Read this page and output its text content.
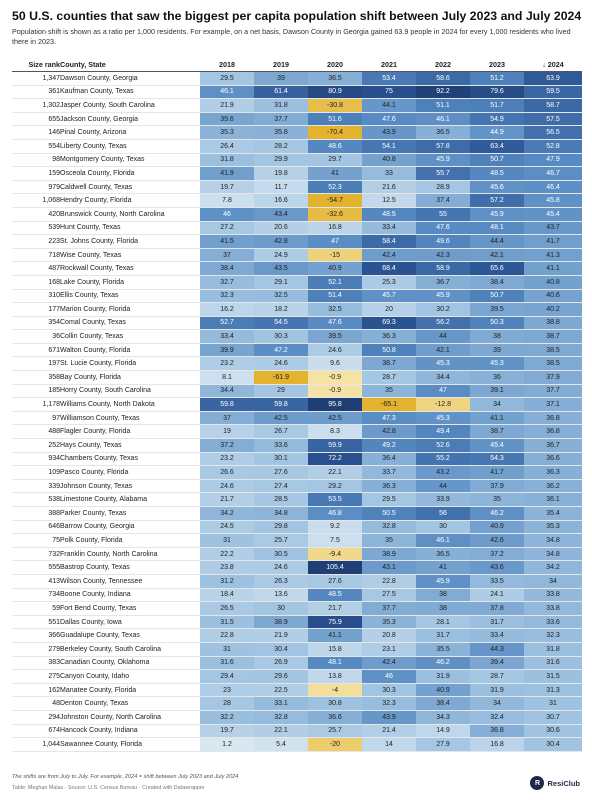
50 U.S. counties that saw the biggest per capita population shift between July 2023 and July 2024
Population shift is shown as a ratio per 1,000 residents. For example, on a net basis, Dawson County in Georgia gained 63.9 people in 2024 for every 1,000 residents who lived there in 2023.
Size rank	County, State	2018	2019	2020	2021	2022	2023	↓ 2024
1,347	Dawson County, Georgia	29.5	39	36.5	53.4	58.6	51.2	63.9
361	Kaufman County, Texas	46.1	61.4	80.9	75	92.2	79.6	59.5
1,302	Jasper County, South Carolina	21.9	31.8	-30.8	44.1	51.1	51.7	58.7
655	Jackson County, Georgia	39.6	37.7	51.6	47.6	46.1	54.9	57.5
146	Pinal County, Arizona	35.3	35.8	-70.4	43.9	36.5	44.9	56.5
554	Liberty County, Texas	26.4	28.2	48.6	54.1	57.8	63.4	52.8
98	Montgomery County, Texas	31.8	29.9	29.7	40.8	45.9	50.7	47.9
159	Osceola County, Florida	41.9	19.8	41	33	55.7	48.5	46.7
979	Caldwell County, Texas	19.7	11.7	52.3	21.6	28.9	45.6	46.4
1,068	Hendry County, Florida	7.8	16.6	-54.7	12.5	37.4	57.2	45.8
420	Brunswick County, North Carolina	46	43.4	-32.6	48.5	55	45.9	45.4
539	Hunt County, Texas	27.2	20.6	16.8	33.4	47.6	48.1	43.7
223	St. Johns County, Florida	41.5	42.8	47	58.4	49.6	44.4	41.7
718	Wise County, Texas	37	24.9	-15	42.4	42.3	42.1	41.3
487	Rockwall County, Texas	38.4	43.5	40.9	68.4	58.9	65.6	41.1
168	Lake County, Florida	32.7	29.1	52.1	25.3	36.7	38.4	40.8
310	Ellis County, Texas	32.3	32.5	51.4	45.7	45.9	50.7	40.6
177	Marion County, Florida	16.2	18.2	32.5	20	30.2	39.5	40.2
354	Comal County, Texas	52.7	54.5	47.6	69.3	56.2	50.3	38.8
36	Collin County, Texas	33.4	30.3	39.5	36.3	44	38	38.7
671	Walton County, Florida	39.9	47.2	24.6	50.8	42.1	39	38.5
197	St. Lucie County, Florida	23.2	24.6	9.6	38.7	45.3	45.3	38.5
358	Bay County, Florida	8.1	-61.9	-0.9	28.7	34.4	36	37.9
185	Horry County, South Carolina	34.4	29	-0.9	35	47	39.1	37.7
1,178	Williams County, North Dakota	59.8	59.8	95.8	-65.1	-12.8	34	37.1
97	Williamson County, Texas	37	42.5	42.5	47.3	45.3	41.1	36.8
488	Flagler County, Florida	19	26.7	8.3	42.8	49.4	38.7	36.8
252	Hays County, Texas	37.2	33.6	59.9	49.2	52.6	45.4	36.7
934	Chambers County, Texas	23.2	30.1	72.2	36.4	55.2	54.3	36.6
109	Pasco County, Florida	26.6	27.6	22.1	33.7	43.2	41.7	36.3
339	Johnson County, Texas	24.6	27.4	29.2	36.3	44	37.9	36.2
538	Limestone County, Alabama	21.7	28.5	53.5	29.5	33.9	35	36.1
388	Parker County, Texas	34.2	34.8	46.8	50.5	56	46.2	35.4
646	Barrow County, Georgia	24.5	29.8	9.2	32.8	30	40.9	35.3
75	Polk County, Florida	31	25.7	7.5	35	46.1	42.6	34.8
732	Franklin County, North Carolina	22.2	30.5	-9.4	38.9	36.5	37.2	34.8
555	Bastrop County, Texas	23.8	24.6	105.4	43.1	41	43.6	34.2
413	Wilson County, Tennessee	31.2	26.3	27.6	22.8	45.9	33.5	34
734	Boone County, Indiana	18.4	13.6	48.5	27.5	38	24.1	33.8
59	Fort Bend County, Texas	26.5	30	21.7	37.7	38	37.8	33.8
551	Dallas County, Iowa	31.5	38.9	75.9	35.3	28.1	31.7	33.6
366	Guadalupe County, Texas	22.8	21.9	41.1	20.8	31.7	33.4	32.3
279	Berkeley County, South Carolina	31	30.4	15.8	23.1	35.5	44.3	31.8
383	Canadian County, Oklahoma	31.6	26.9	48.1	42.4	46.2	39.4	31.6
275	Canyon County, Idaho	29.4	29.6	13.8	46	31.9	28.7	31.5
162	Manatee County, Florida	23	22.5	-4	30.3	40.9	31.9	31.3
48	Denton County, Texas	28	33.1	30.8	32.3	38.4	34	31
294	Johnston County, North Carolina	32.2	32.8	36.6	43.9	34.3	32.4	30.7
674	Hancock County, Indiana	19.7	22.1	25.7	21.4	14.9	36.8	30.6
1,044	Sawannee County, Florida	1.2	5.4	-20	14	27.9	16.8	30.4
The shifts are from July to July. For example, 2024 = shift between July 2023 and July 2024
Table: Meghan Malas · Source: U.S. Census Bureau · Created with Datawrapper
R ResiClub
